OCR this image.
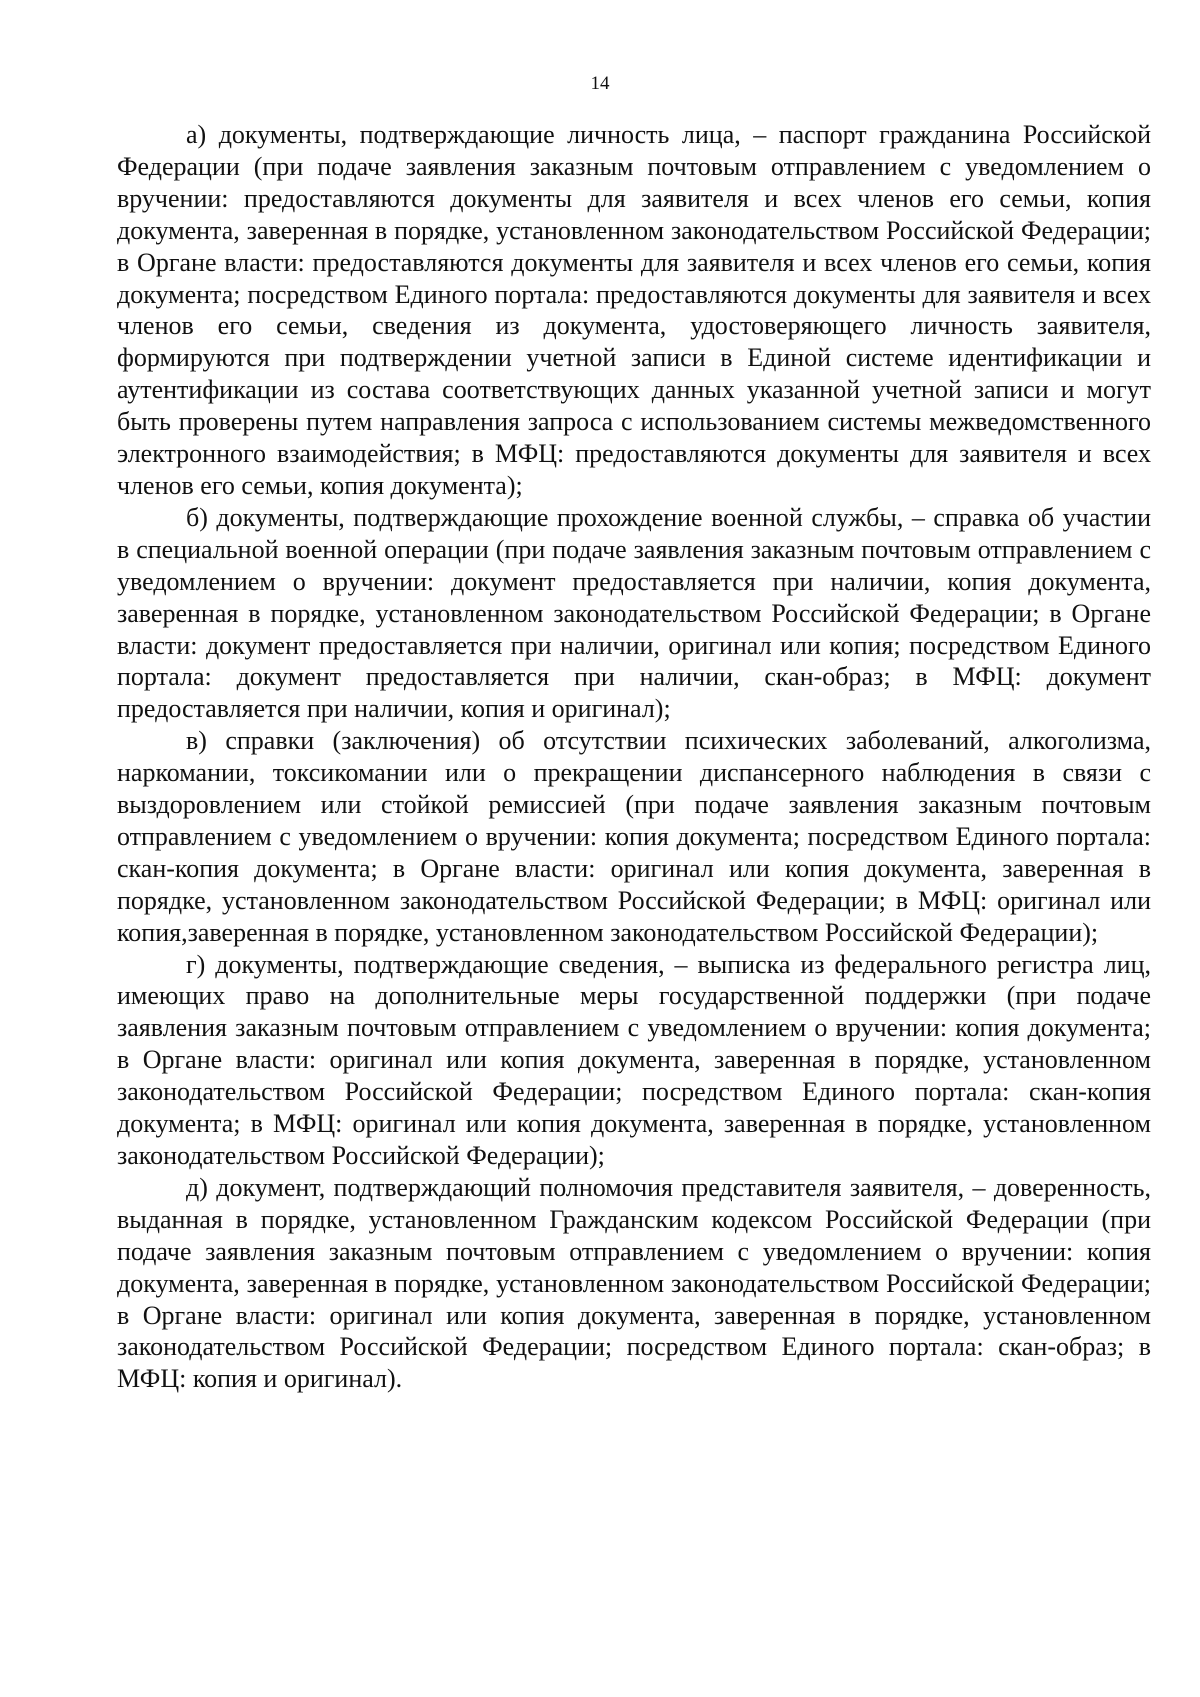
14

а) документы, подтверждающие личность лица, – паспорт гражданина Российской Федерации (при подаче заявления заказным почтовым отправлением с уведомлением о вручении: предоставляются документы для заявителя и всех членов его семьи, копия документа, заверенная в порядке, установленном законодательством Российской Федерации; в Органе власти: предоставляются документы для заявителя и всех членов его семьи, копия документа; посредством Единого портала: предоставляются документы для заявителя и всех членов его семьи, сведения из документа, удостоверяющего личность заявителя, формируются при подтверждении учетной записи в Единой системе идентификации и аутентификации из состава соответствующих данных указанной учетной записи и могут быть проверены путем направления запроса с использованием системы межведомственного электронного взаимодействия; в МФЦ: предоставляются документы для заявителя и всех членов его семьи, копия документа);

б) документы, подтверждающие прохождение военной службы, – справка об участии в специальной военной операции (при подаче заявления заказным почтовым отправлением с уведомлением о вручении: документ предоставляется при наличии, копия документа, заверенная в порядке, установленном законодательством Российской Федерации; в Органе власти: документ предоставляется при наличии, оригинал или копия; посредством Единого портала: документ предоставляется при наличии, скан-образ; в МФЦ: документ предоставляется при наличии, копия и оригинал);

в) справки (заключения) об отсутствии психических заболеваний, алкоголизма, наркомании, токсикомании или о прекращении диспансерного наблюдения в связи с выздоровлением или стойкой ремиссией (при подаче заявления заказным почтовым отправлением с уведомлением о вручении: копия документа; посредством Единого портала: скан-копия документа; в Органе власти: оригинал или копия документа, заверенная в порядке, установленном законодательством Российской Федерации; в МФЦ: оригинал или копия,заверенная в порядке, установленном законодательством Российской Федерации);

г) документы, подтверждающие сведения, – выписка из федерального регистра лиц, имеющих право на дополнительные меры государственной поддержки (при подаче заявления заказным почтовым отправлением с уведомлением о вручении: копия документа; в Органе власти: оригинал или копия документа, заверенная в порядке, установленном законодательством Российской Федерации; посредством Единого портала: скан-копия документа; в МФЦ: оригинал или копия документа, заверенная в порядке, установленном законодательством Российской Федерации);

д) документ, подтверждающий полномочия представителя заявителя, – доверенность, выданная в порядке, установленном Гражданским кодексом Российской Федерации (при подаче заявления заказным почтовым отправлением с уведомлением о вручении: копия документа, заверенная в порядке, установленном законодательством Российской Федерации; в Органе власти: оригинал или копия документа, заверенная в порядке, установленном законодательством Российской Федерации; посредством Единого портала: скан-образ; в МФЦ: копия и оригинал).
